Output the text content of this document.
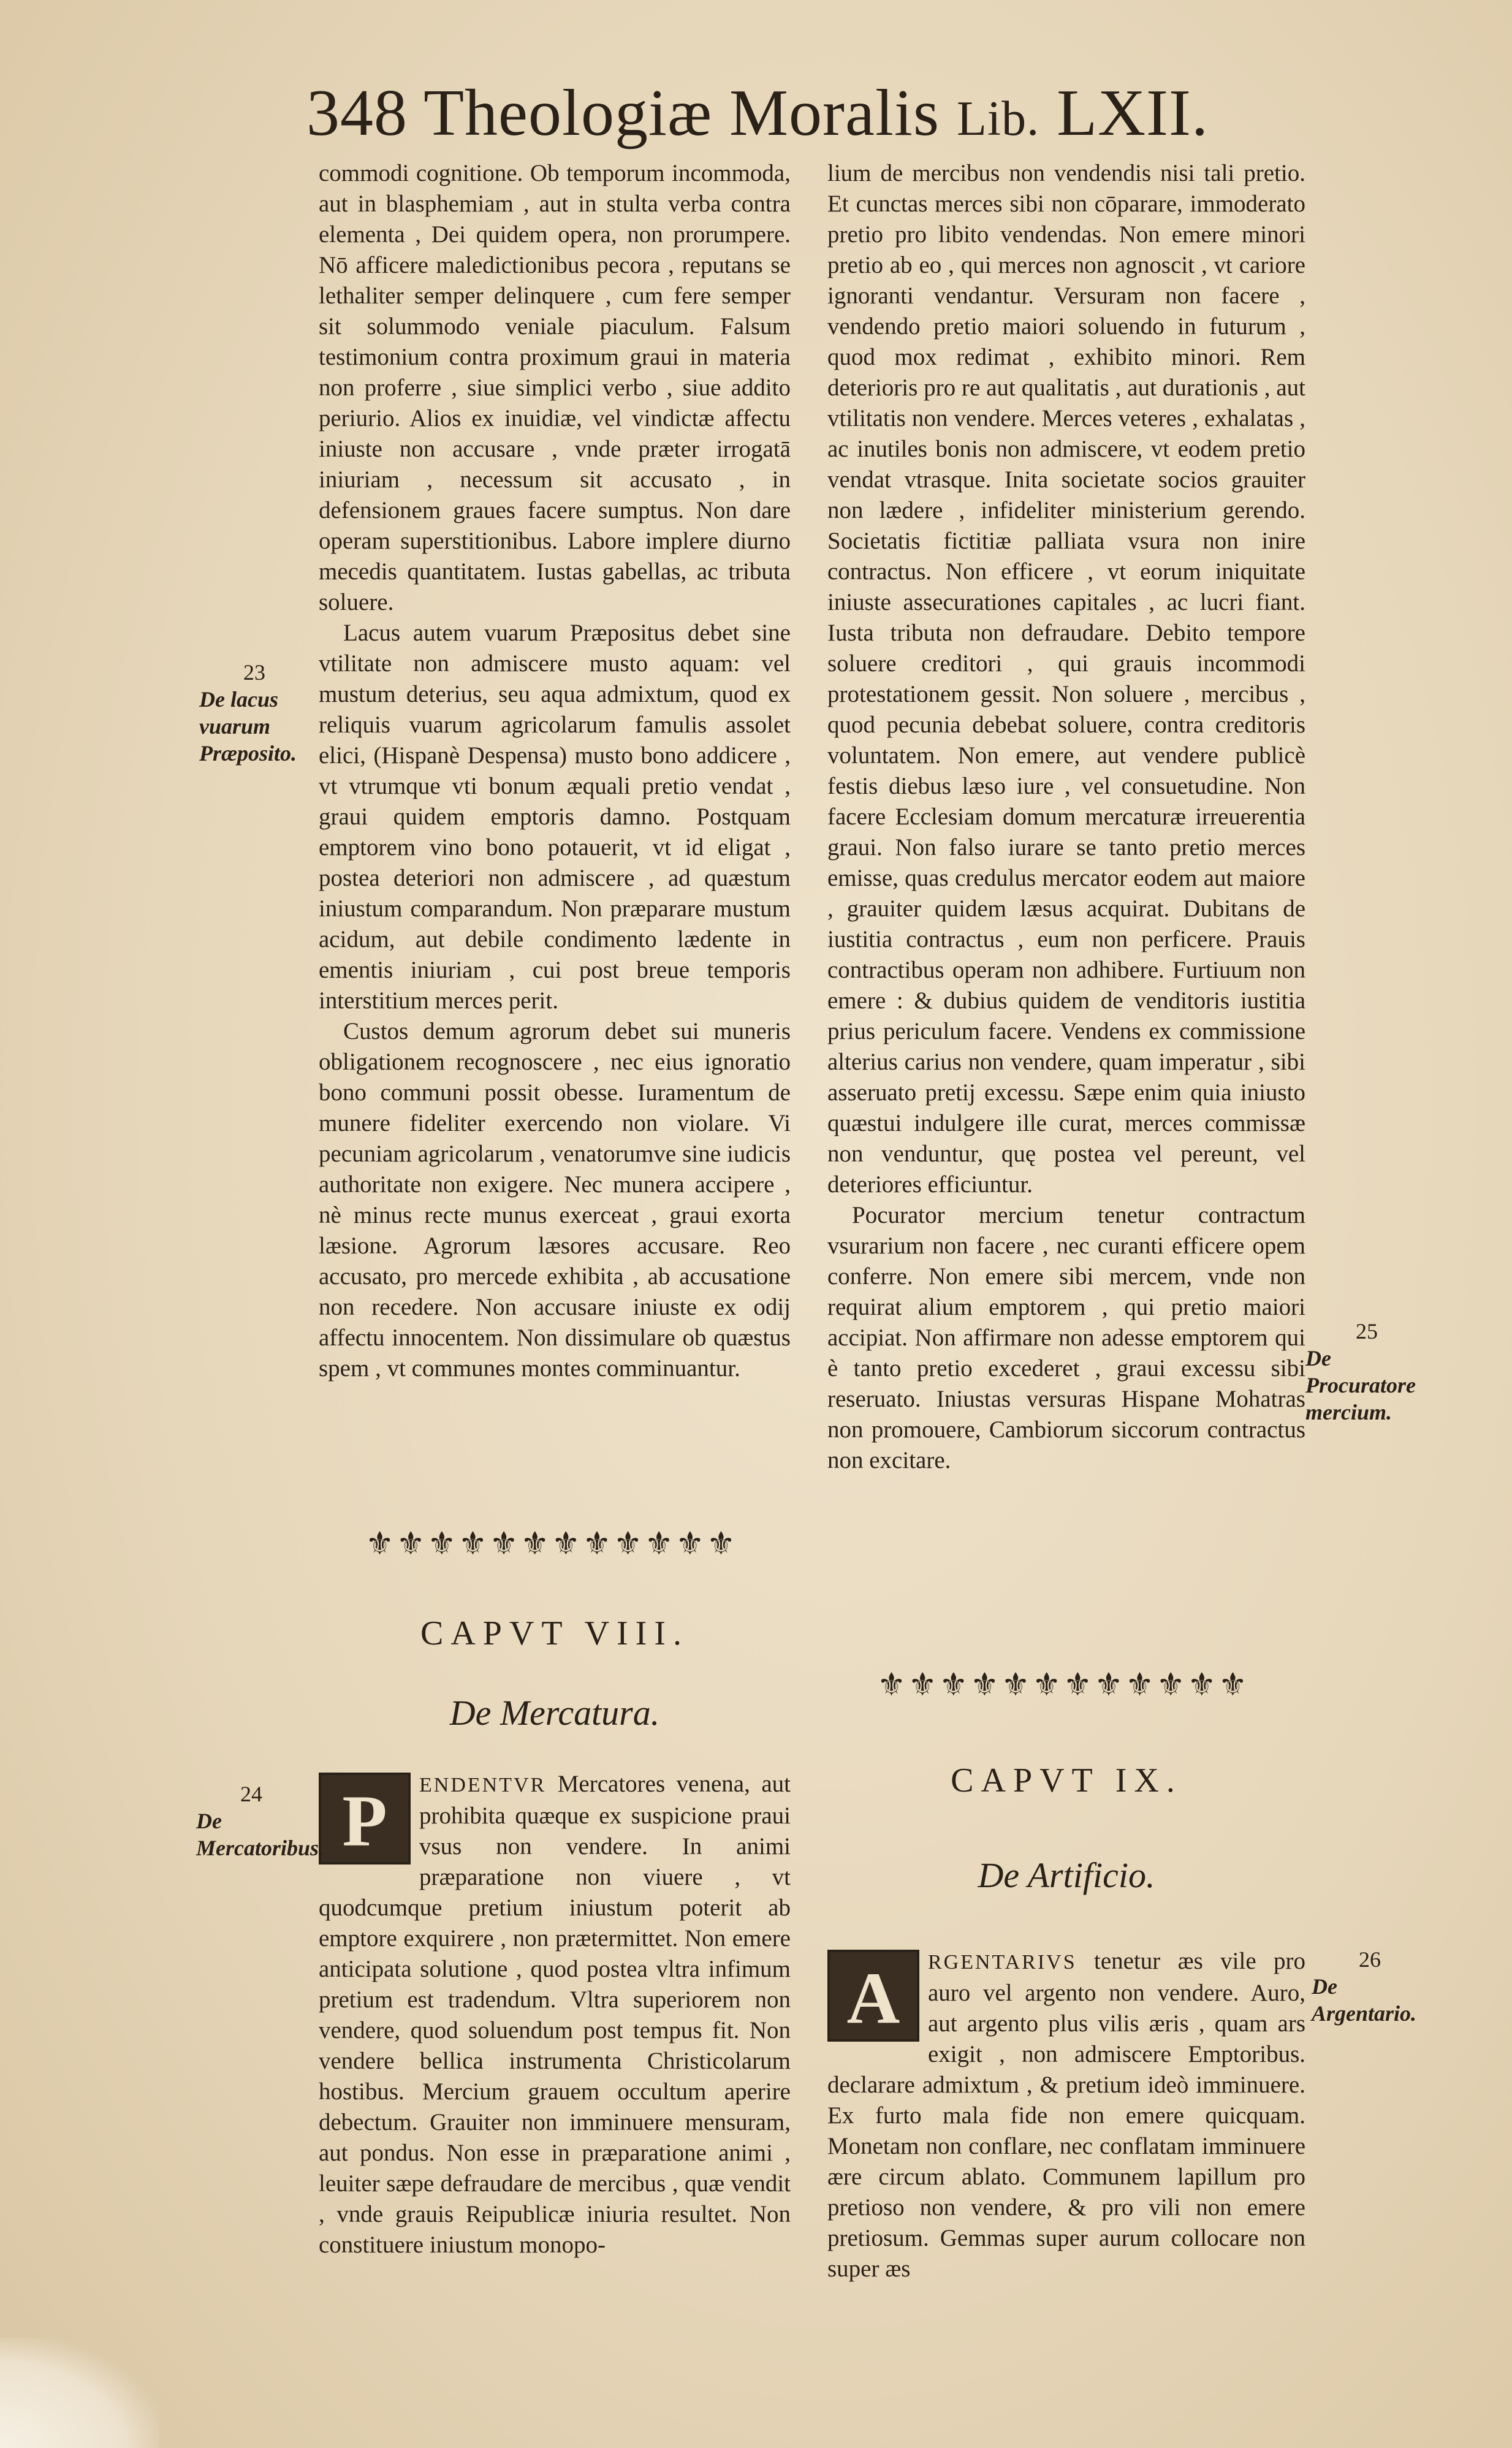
348 Theologiæ Moralis Lib. LXII.

commodi cognitione. Ob temporum incommoda, aut in blasphemiam , aut in stulta verba contra elementa , Dei quidem opera, non prorumpere. Nō afficere maledictionibus pecora , reputans se lethaliter semper delinquere , cum fere semper sit solummodo veniale piaculum. Falsum testimonium contra proximum graui in materia non proferre , siue simplici verbo , siue addito periurio. Alios ex inuidiæ, vel vindictæ affectu iniuste non accusare , vnde præter irrogatā iniuriam , necessum sit accusato , in defensionem graues facere sumptus. Non dare operam superstitionibus. Labore implere diurno mecedis quantitatem. Iustas gabellas, ac tributa soluere.

Lacus autem vuarum Præpositus debet sine vtilitate non admiscere musto aquam: vel mustum deterius, seu aqua admixtum, quod ex reliquis vuarum agricolarum famulis assolet elici, (Hispanè Despensa) musto bono addicere , vt vtrumque vti bonum æquali pretio vendat , graui quidem emptoris damno. Postquam emptorem vino bono potauerit, vt id eligat , postea deteriori non admiscere , ad quæstum iniustum comparandum. Non præparare mustum acidum, aut debile condimento lædente in ementis iniuriam , cui post breue temporis interstitium merces perit.

Custos demum agrorum debet sui muneris obligationem recognoscere , nec eius ignoratio bono communi possit obesse. Iuramentum de munere fideliter exercendo non violare. Vi pecuniam agricolarum , venatorumve sine iudicis authoritate non exigere. Nec munera accipere , nè minus recte munus exerceat , graui exorta læsione. Agrorum læsores accusare. Reo accusato, pro mercede exhibita , ab accusatione non recedere. Non accusare iniuste ex odij affectu innocentem. Non dissimulare ob quæstus spem , vt communes montes comminuantur.

⚜⚜⚜⚜⚜⚜⚜⚜⚜⚜⚜⚜
CAPVT VIII.
De Mercatura.
P	ENDENTVR Mercatores venena, aut prohibita quæque ex suspicione praui vsus non vendere. In animi præparatione non viuere , vt quodcumque pretium iniustum poterit ab emptore exquirere , non prætermittet. Non emere anticipata solutione , quod postea vltra infimum pretium est tradendum. Vltra superiorem non vendere, quod soluendum post tempus fit. Non vendere bellica instrumenta Christicolarum hostibus. Mercium grauem occultum aperire debectum. Grauiter non imminuere mensuram, aut pondus. Non esse in præparatione animi , leuiter sæpe defraudare de mercibus , quæ vendit , vnde grauis Reipublicæ iniuria resultet. Non constituere iniustum monopo-

lium de mercibus non vendendis nisi tali pretio. Et cunctas merces sibi non cōparare, immoderato pretio pro libito vendendas. Non emere minori pretio ab eo , qui merces non agnoscit , vt cariore ignoranti vendantur. Versuram non facere , vendendo pretio maiori soluendo in futurum , quod mox redimat , exhibito minori. Rem deterioris pro re aut qualitatis , aut durationis , aut vtilitatis non vendere. Merces veteres , exhalatas , ac inutiles bonis non admiscere, vt eodem pretio vendat vtrasque. Inita societate socios grauiter non lædere , infideliter ministerium gerendo. Societatis fictitiæ palliata vsura non inire contractus. Non efficere , vt eorum iniquitate iniuste assecurationes capitales , ac lucri fiant. Iusta tributa non defraudare. Debito tempore soluere creditori , qui grauis incommodi protestationem gessit. Non soluere , mercibus , quod pecunia debebat soluere, contra creditoris voluntatem. Non emere, aut vendere publicè festis diebus læso iure , vel consuetudine. Non facere Ecclesiam domum mercaturæ irreuerentia graui. Non falso iurare se tanto pretio merces emisse, quas credulus mercator eodem aut maiore , grauiter quidem læsus acquirat. Dubitans de iustitia contractus , eum non perficere. Prauis contractibus operam non adhibere. Furtiuum non emere : & dubius quidem de venditoris iustitia prius periculum facere. Vendens ex commissione alterius carius non vendere, quam imperatur , sibi asseruato pretij excessu. Sæpe enim quia iniusto quæstui indulgere ille curat, merces commissæ non venduntur, quę postea vel pereunt, vel deteriores efficiuntur.

Pocurator mercium tenetur contractum vsurarium non facere , nec curanti efficere opem conferre. Non emere sibi mercem, vnde non requirat alium emptorem , qui pretio maiori accipiat. Non affirmare non adesse emptorem qui è tanto pretio excederet , graui excessu sibi reseruato. Iniustas versuras Hispane Mohatras non promouere, Cambiorum siccorum contractus non excitare.

⚜⚜⚜⚜⚜⚜⚜⚜⚜⚜⚜⚜
CAPVT IX.
De Artificio.
A	RGENTARIVS tenetur æs vile pro auro vel argento non vendere. Auro, aut argento plus vilis æris , quam ars exigit , non admiscere Emptoribus. declarare admixtum , & pretium ideò imminuere. Ex furto mala fide non emere quicquam. Monetam non conflare, nec conflatam imminuere ære circum ablato. Communem lapillum pro pretioso non vendere, & pro vili non emere pretiosum. Gemmas super aurum collocare non super æs

23
De lacus vuarum Præposito.
24
De Mercatoribus.
25
De Procuratore mercium.
26
De Argentario.
